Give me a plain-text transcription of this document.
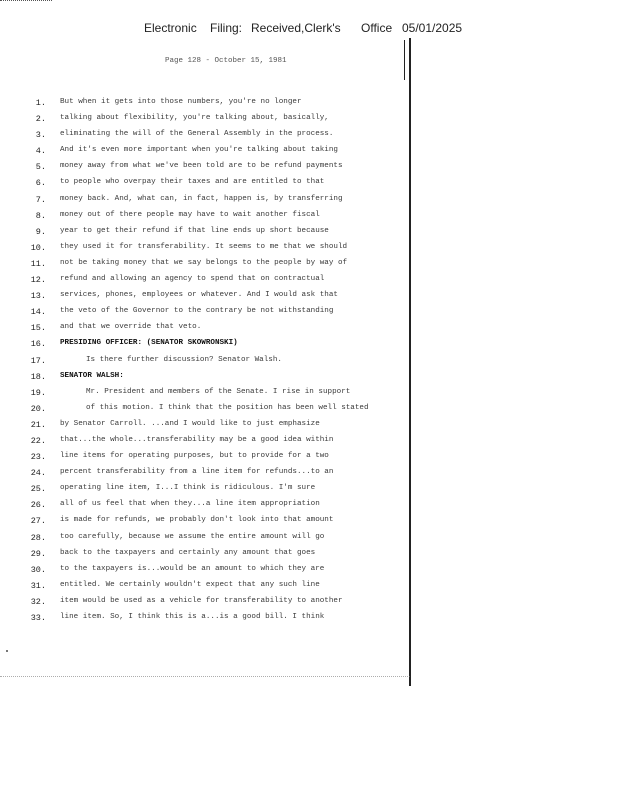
Electronic Filing: Received,Clerk's Office 05/01/2025
Page 128 - October 15, 1981
1. But when it gets into those numbers, you're no longer
2. talking about flexibility, you're talking about, basically,
3. eliminating the will of the General Assembly in the process.
4. And it's even more important when you're talking about taking
5. money away from what we've been told are to be refund payments
6. to people who overpay their taxes and are entitled to that
7. money back. And, what can, in fact, happen is, by transferring
8. money out of there people may have to wait another fiscal
9. year to get their refund if that line ends up short because
10. they used it for transferability. It seems to me that we should
11. not be taking money that we say belongs to the people by way of
12. refund and allowing an agency to spend that on contractual
13. services, phones, employees or whatever. And I would ask that
14. the veto of the Governor to the contrary be not withstanding
15. and that we override that veto.
16. PRESIDING OFFICER: (SENATOR SKOWRONSKI)
17.	Is there further discussion? Senator Walsh.
18. SENATOR WALSH:
19.	Mr. President and members of the Senate. I rise in support
20.	of this motion. I think that the position has been well stated
21. by Senator Carroll. ...and I would like to just emphasize
22. that...the whole...transferability may be a good idea within
23. line items for operating purposes, but to provide for a two
24. percent transferability from a line item for refunds...to an
25. operating line item, I...I think is ridiculous. I'm sure
26. all of us feel that when they...a line item appropriation
27. is made for refunds, we probably don't look into that amount
28. too carefully, because we assume the entire amount will go
29. back to the taxpayers and certainly any amount that goes
30. to the taxpayers is...would be an amount to which they are
31. entitled. We certainly wouldn't expect that any such line
32. item would be used as a vehicle for transferability to another
33. line item. So, I think this is a...is a good bill. I think
